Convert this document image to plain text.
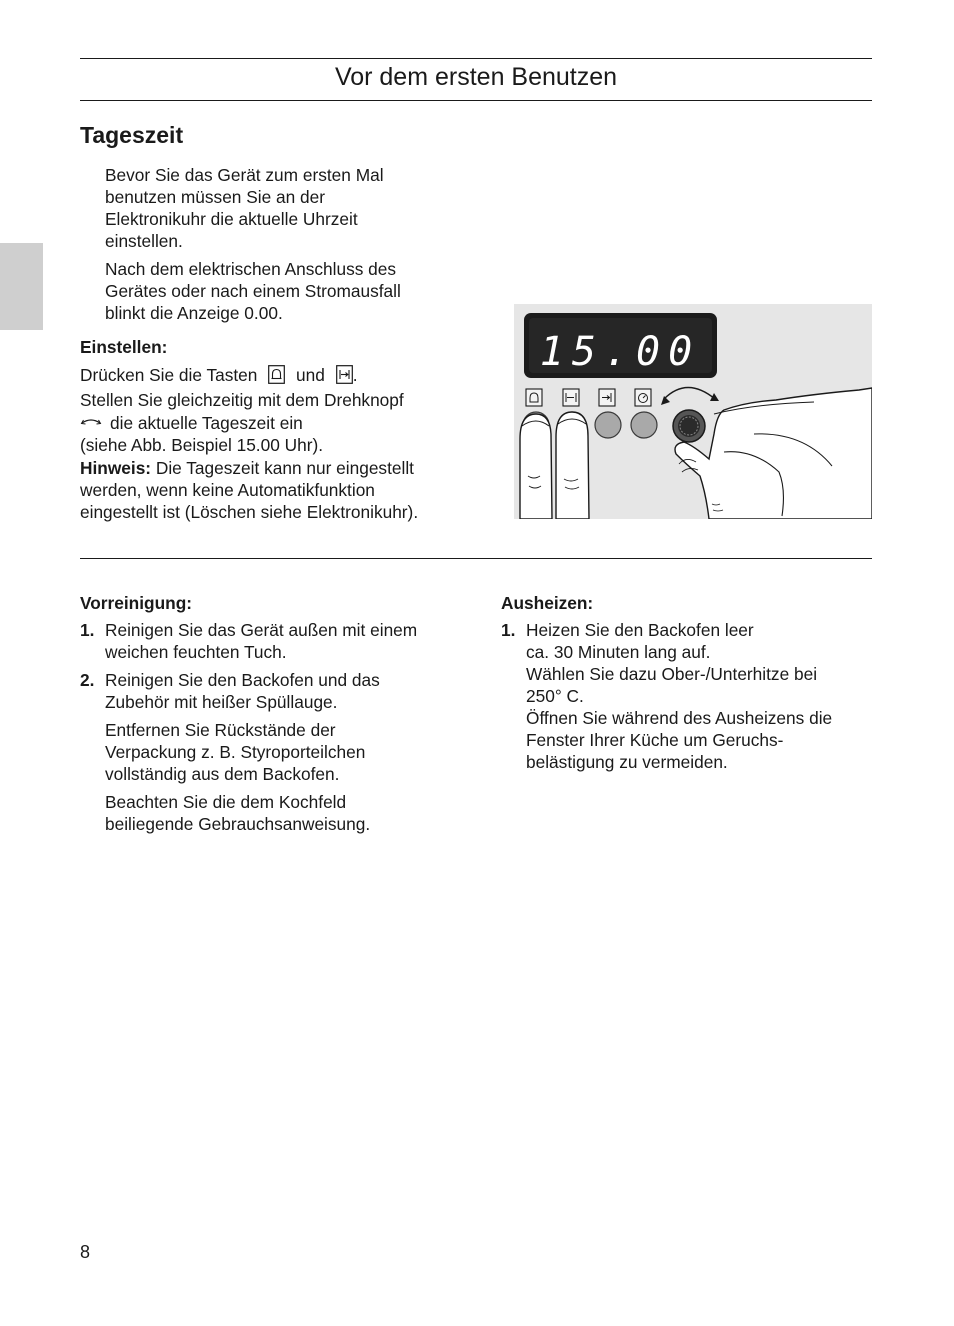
Vor dem ersten Benutzen
Tageszeit
Bevor Sie das Gerät zum ersten Mal
benutzen müssen Sie an der
Elektronikuhr die aktuelle Uhrzeit
einstellen.
Nach dem elektrischen Anschluss des
Gerätes oder nach einem Stromausfall
blinkt die Anzeige 0.00.
Einstellen:
Drücken Sie die Tasten und .
Stellen Sie gleichzeitig mit dem Drehknopf
die aktuelle Tageszeit ein
(siehe Abb. Beispiel 15.00 Uhr).
Hinweis: Die Tageszeit kann nur eingestellt
werden, wenn keine Automatikfunktion
eingestellt ist (Löschen siehe Elektronikuhr).
15.00
Vorreinigung:
1. Reinigen Sie das Gerät außen mit einem
weichen feuchten Tuch.
2. Reinigen Sie den Backofen und das
Zubehör mit heißer Spüllauge.
Entfernen Sie Rückstände der
Verpackung z. B. Styroporteilchen
vollständig aus dem Backofen.
Beachten Sie die dem Kochfeld
beiliegende Gebrauchsanweisung.
Ausheizen:
1. Heizen Sie den Backofen leer
ca. 30 Minuten lang auf.
Wählen Sie dazu Ober-/Unterhitze bei
250° C.
Öffnen Sie während des Ausheizens die
Fenster Ihrer Küche um Geruchs-
belästigung zu vermeiden.
8
